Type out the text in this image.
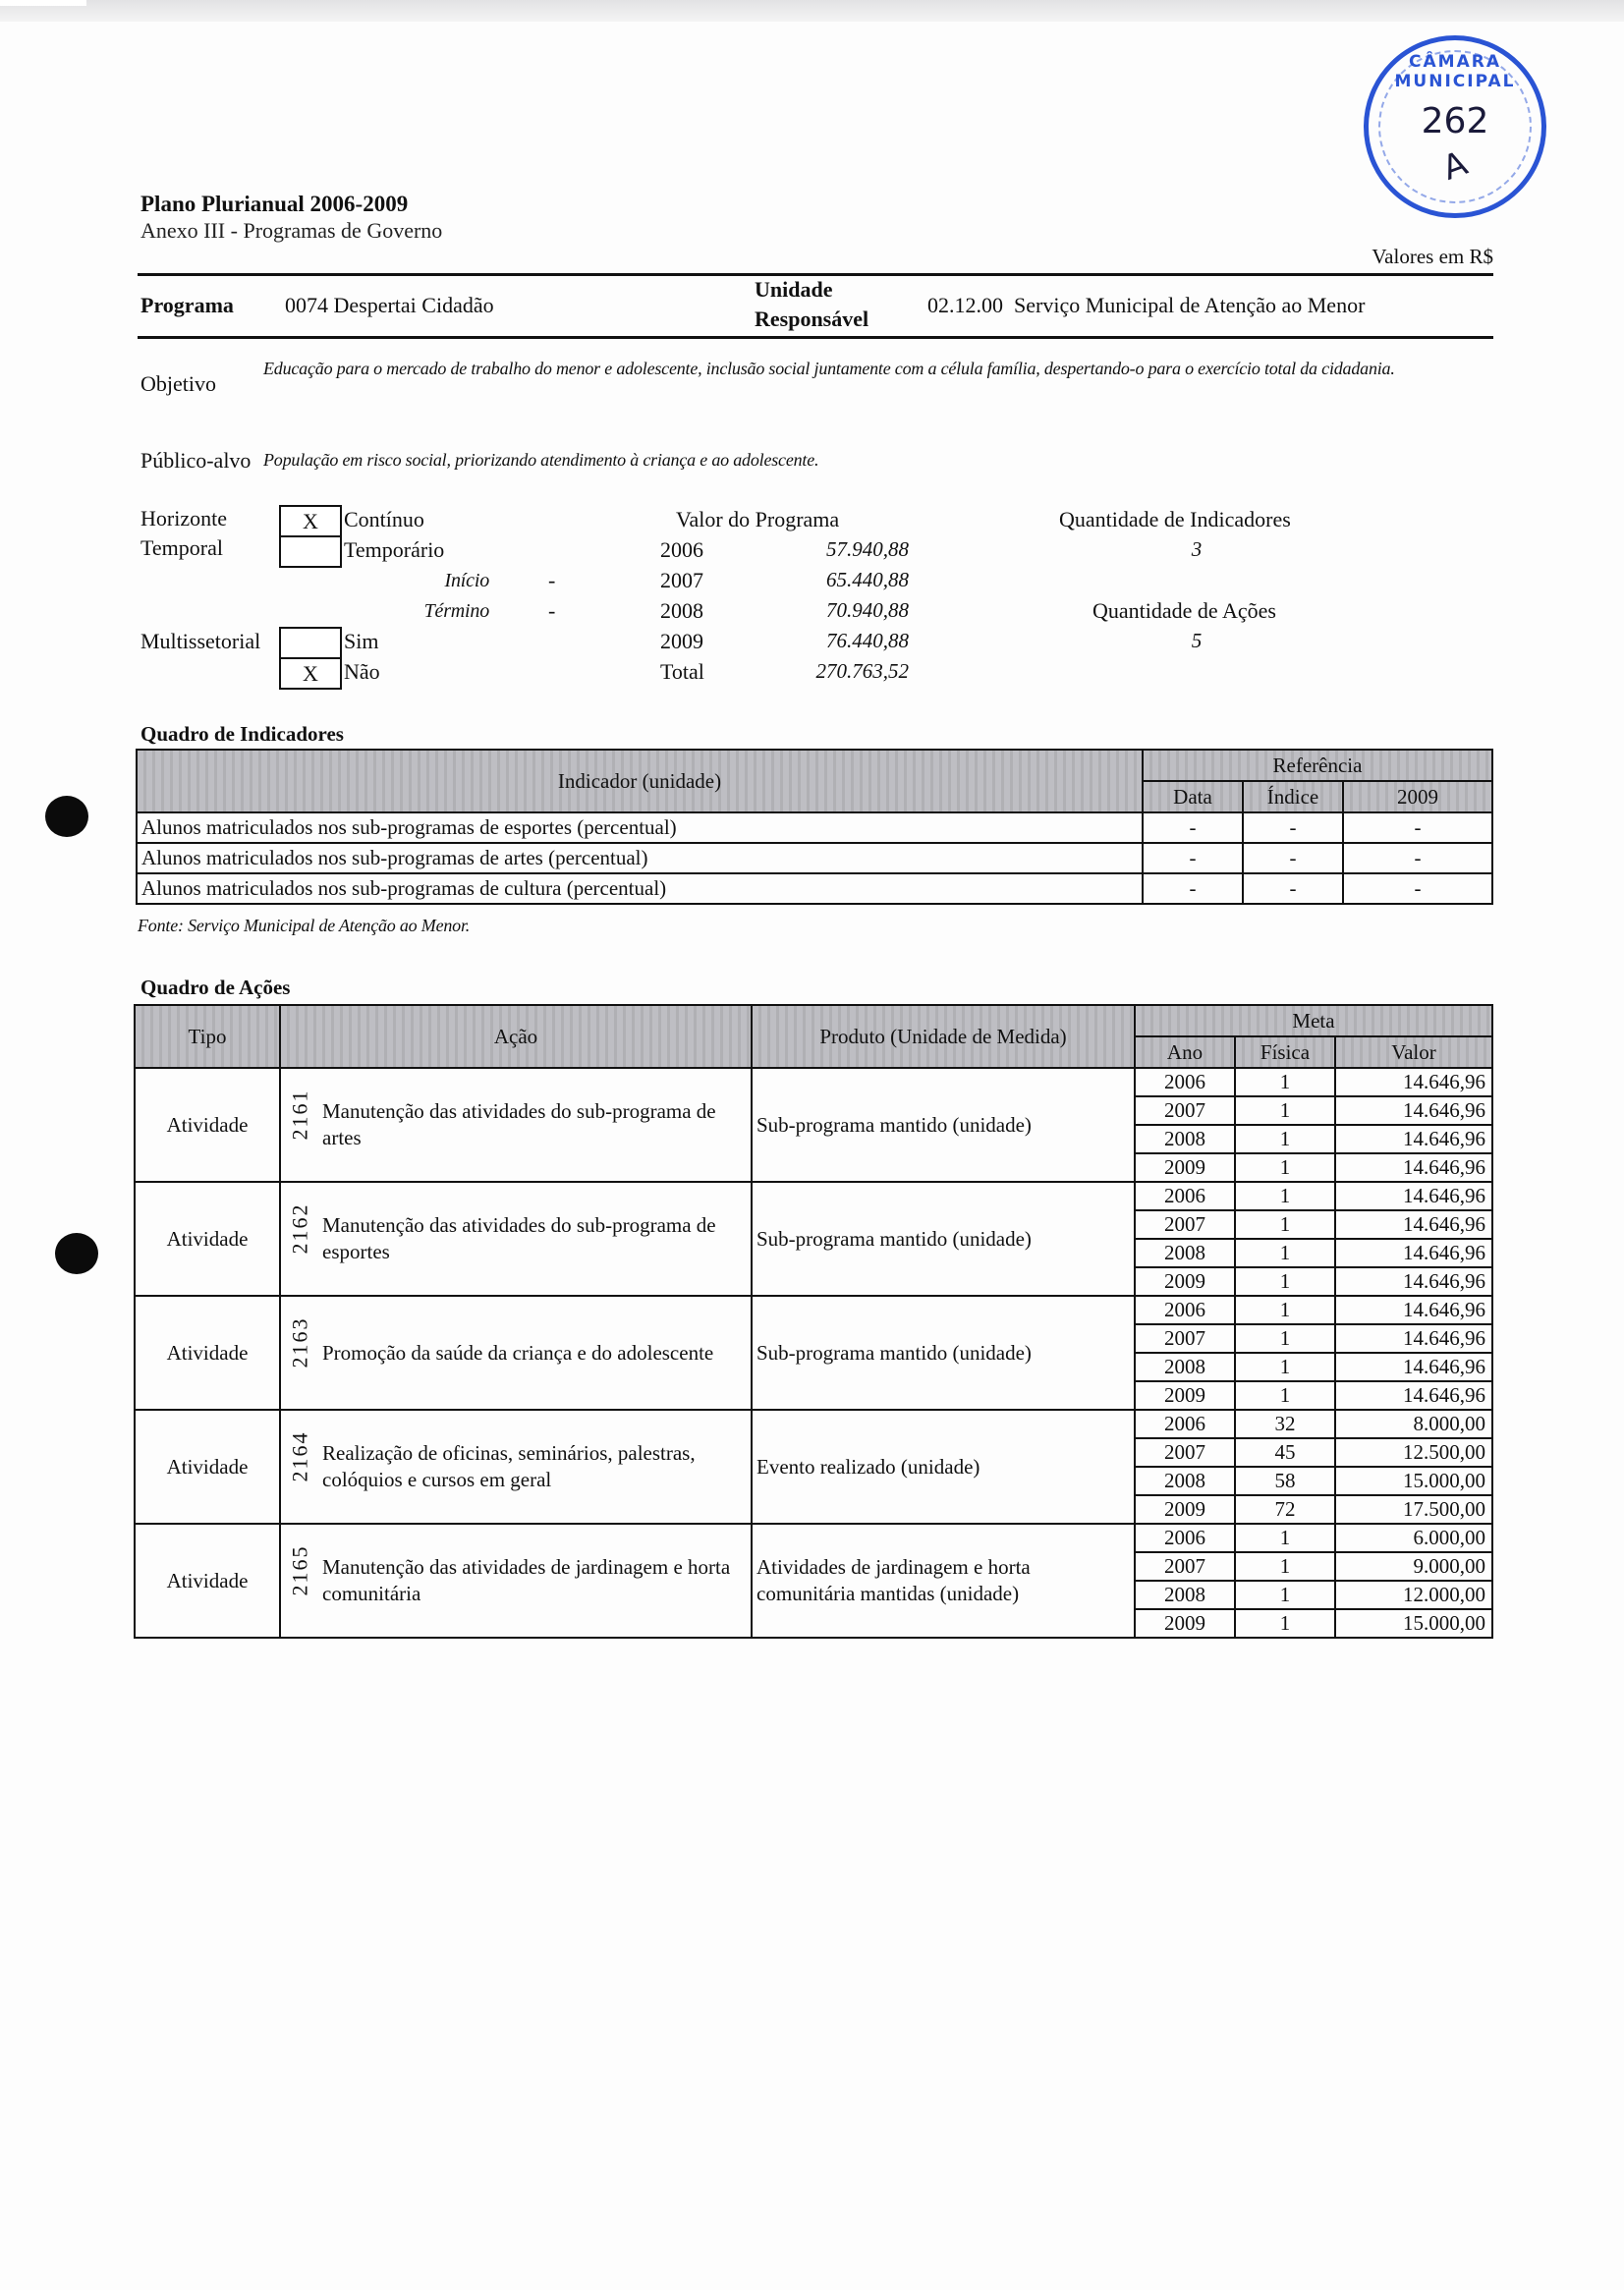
CÂMARA MUNICIPAL
262
A
Plano Plurianual 2006-2009
Anexo III - Programas de Governo
Valores em R$
Programa 0074 Despertai Cidadão
Unidade
Responsável
02.12.00  Serviço Municipal de Atenção ao Menor
Objetivo
Educação para o mercado de trabalho do menor e adolescente, inclusão social juntamente com a célula família, despertando-o para o exercício total da cidadania.
Público-alvo População em risco social, priorizando atendimento à criança e ao adolescente.
Horizonte
Temporal
X	Contínuo
Temporário
Início	-
Término	-
Multissetorial	Sim
X	Não
Valor do Programa
2006	57.940,88
2007	65.440,88
2008	70.940,88
2009	76.440,88
Total	270.763,52
Quantidade de Indicadores
3
Quantidade de Ações
5
Quadro de Indicadores
Indicador (unidade)	Referência		
	Data	Índice	2009
Alunos matriculados nos sub-programas de esportes (percentual)	-	-	-
Alunos matriculados nos sub-programas de artes (percentual)	-	-	-
Alunos matriculados nos sub-programas de cultura (percentual)	-	-	-
Fonte: Serviço Municipal de Atenção ao Menor.
Quadro de Ações
Tipo	Ação	Produto (Unidade de Medida)	Meta		
			Ano	Física	Valor
Atividade	2161 Manutenção das atividades do sub-programa de artes	Sub-programa mantido (unidade)	2006	1	14.646,96
			2007	1	14.646,96
			2008	1	14.646,96
			2009	1	14.646,96
Atividade	2162 Manutenção das atividades do sub-programa de esportes	Sub-programa mantido (unidade)	2006	1	14.646,96
			2007	1	14.646,96
			2008	1	14.646,96
			2009	1	14.646,96
Atividade	2163 Promoção da saúde da criança e do adolescente	Sub-programa mantido (unidade)	2006	1	14.646,96
			2007	1	14.646,96
			2008	1	14.646,96
			2009	1	14.646,96
Atividade	2164 Realização de oficinas, seminários, palestras, colóquios e cursos em geral	Evento realizado (unidade)	2006	32	8.000,00
			2007	45	12.500,00
			2008	58	15.000,00
			2009	72	17.500,00
Atividade	2165 Manutenção das atividades de jardinagem e horta comunitária	Atividades de jardinagem e horta comunitária mantidas (unidade)	2006	1	6.000,00
			2007	1	9.000,00
			2008	1	12.000,00
			2009	1	15.000,00
